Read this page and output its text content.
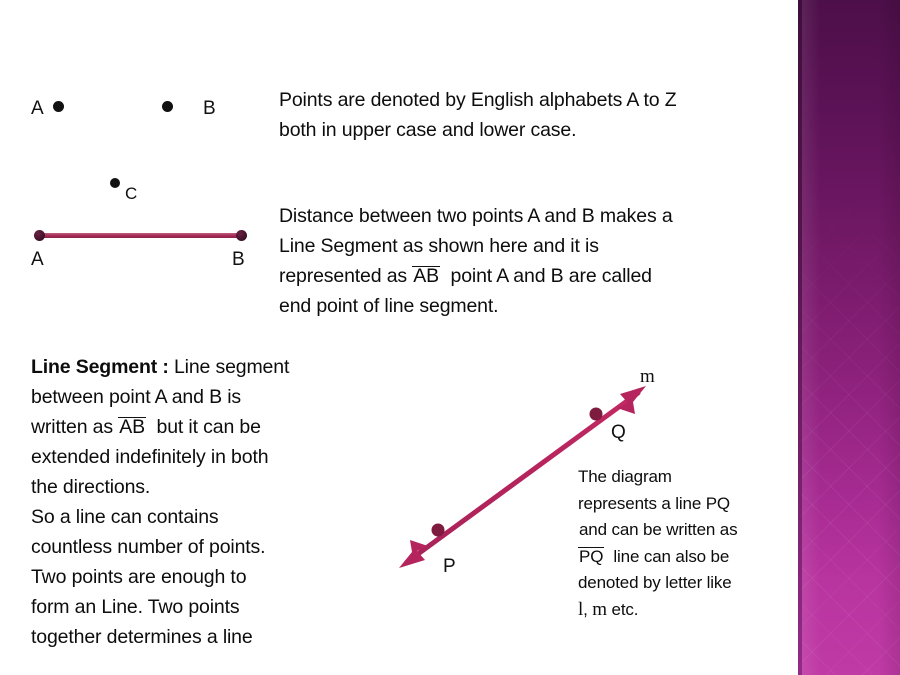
A	B
C
A	B
Points are denoted by English alphabets A to Z
both in upper case and lower case.
Distance between two points A and B makes a
Line Segment as shown here and it is
represented as AB point A and B are called
end point of line segment.
Line Segment : Line segment
between point A and B is
written as AB but it can be
extended indefinitely in both
the directions.
So a line can contains
countless number of points.
Two points are enough to
form an Line. Two points
together determines a line
P
Q
m
The diagram
represents a line PQ
and can be written as
PQ line can also be
denoted by letter like
l, m etc.
